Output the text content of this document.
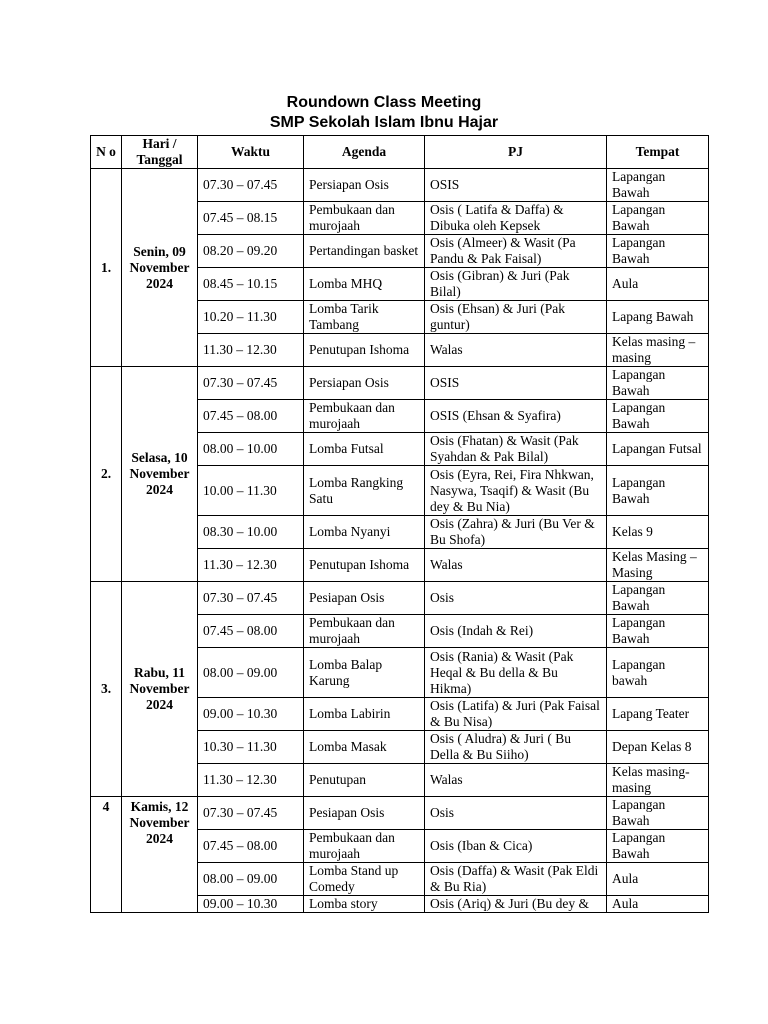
Roundown Class Meeting
SMP Sekolah Islam Ibnu Hajar
N o	Hari / Tanggal	Waktu	Agenda	PJ	Tempat
1.	Senin, 09 November 2024	07.30 – 07.45	Persiapan Osis	OSIS	Lapangan Bawah
		07.45 – 08.15	Pembukaan dan murojaah	Osis ( Latifa & Daffa) & Dibuka oleh Kepsek	Lapangan Bawah
		08.20 – 09.20	Pertandingan basket	Osis (Almeer) & Wasit (Pa Pandu & Pak Faisal)	Lapangan Bawah
		08.45 – 10.15	Lomba MHQ	Osis (Gibran) & Juri (Pak Bilal)	Aula
		10.20 – 11.30	Lomba Tarik Tambang	Osis (Ehsan) & Juri (Pak guntur)	Lapang Bawah
		11.30 – 12.30	Penutupan Ishoma	Walas	Kelas masing – masing
2.	Selasa, 10 November 2024	07.30 – 07.45	Persiapan Osis	OSIS	Lapangan Bawah
		07.45 – 08.00	Pembukaan dan murojaah	OSIS (Ehsan & Syafira)	Lapangan Bawah
		08.00 – 10.00	Lomba Futsal	Osis (Fhatan) & Wasit (Pak Syahdan & Pak Bilal)	Lapangan Futsal
		10.00 – 11.30	Lomba Rangking Satu	Osis (Eyra, Rei, Fira Nhkwan, Nasywa, Tsaqif) & Wasit (Bu dey & Bu Nia)	Lapangan Bawah
		08.30 – 10.00	Lomba Nyanyi	Osis (Zahra) & Juri (Bu Ver & Bu Shofa)	Kelas 9
		11.30 – 12.30	Penutupan Ishoma	Walas	Kelas Masing – Masing
3.	Rabu, 11 November 2024	07.30 – 07.45	Pesiapan Osis	Osis	Lapangan Bawah
		07.45 – 08.00	Pembukaan dan murojaah	Osis (Indah & Rei)	Lapangan Bawah
		08.00 – 09.00	Lomba Balap Karung	Osis (Rania) & Wasit (Pak Heqal & Bu della & Bu Hikma)	Lapangan bawah
		09.00 – 10.30	Lomba Labirin	Osis (Latifa) & Juri (Pak Faisal & Bu Nisa)	Lapang Teater
		10.30 – 11.30	Lomba Masak	Osis ( Aludra) & Juri ( Bu Della & Bu Siiho)	Depan Kelas 8
		11.30 – 12.30	Penutupan	Walas	Kelas masing-masing
4	Kamis, 12 November 2024	07.30 – 07.45	Pesiapan Osis	Osis	Lapangan Bawah
		07.45 – 08.00	Pembukaan dan murojaah	Osis (Iban & Cica)	Lapangan Bawah
		08.00 – 09.00	Lomba Stand up Comedy	Osis (Daffa) & Wasit (Pak Eldi & Bu Ria)	Aula
		09.00 – 10.30	Lomba story	Osis (Ariq) & Juri (Bu dey &	Aula
